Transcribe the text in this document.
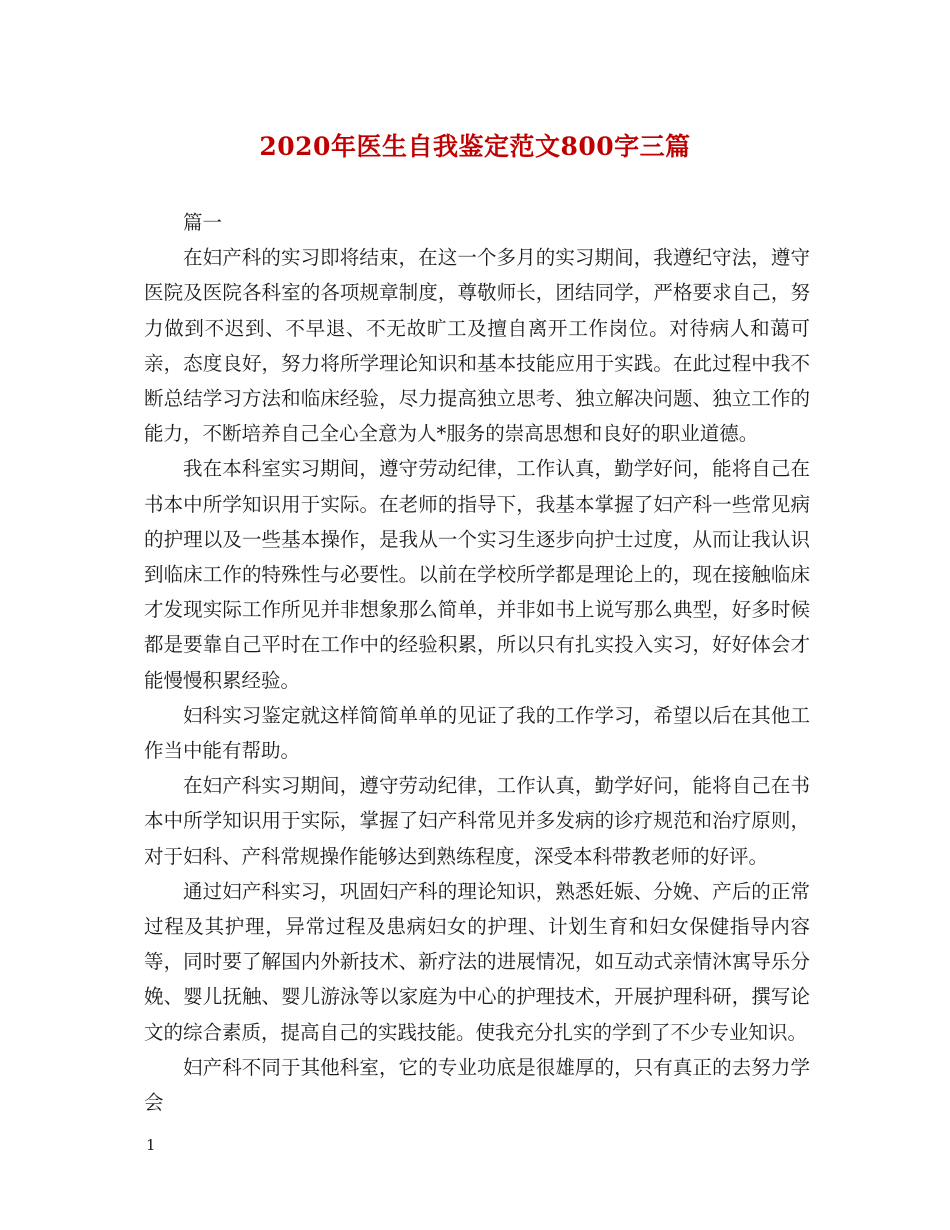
2020年医生自我鉴定范文800字三篇

篇一

在妇产科的实习即将结束，在这一个多月的实习期间，我遵纪守法，遵守医院及医院各科室的各项规章制度，尊敬师长，团结同学，严格要求自己，努力做到不迟到、不早退、不无故旷工及擅自离开工作岗位。对待病人和蔼可亲，态度良好，努力将所学理论知识和基本技能应用于实践。在此过程中我不断总结学习方法和临床经验，尽力提高独立思考、独立解决问题、独立工作的能力，不断培养自己全心全意为人*服务的崇高思想和良好的职业道德。

我在本科室实习期间，遵守劳动纪律，工作认真，勤学好问，能将自己在书本中所学知识用于实际。在老师的指导下，我基本掌握了妇产科一些常见病的护理以及一些基本操作，是我从一个实习生逐步向护士过度，从而让我认识到临床工作的特殊性与必要性。以前在学校所学都是理论上的，现在接触临床才发现实际工作所见并非想象那么简单，并非如书上说写那么典型，好多时候都是要靠自己平时在工作中的经验积累，所以只有扎实投入实习，好好体会才能慢慢积累经验。

妇科实习鉴定就这样简简单单的见证了我的工作学习，希望以后在其他工作当中能有帮助。

在妇产科实习期间，遵守劳动纪律，工作认真，勤学好问，能将自己在书本中所学知识用于实际，掌握了妇产科常见并多发病的诊疗规范和治疗原则，对于妇科、产科常规操作能够达到熟练程度，深受本科带教老师的好评。

通过妇产科实习，巩固妇产科的理论知识，熟悉妊娠、分娩、产后的正常过程及其护理，异常过程及患病妇女的护理、计划生育和妇女保健指导内容等，同时要了解国内外新技术、新疗法的进展情况，如互动式亲情沐寓导乐分娩、婴儿抚触、婴儿游泳等以家庭为中心的护理技术，开展护理科研，撰写论文的综合素质，提高自己的实践技能。使我充分扎实的学到了不少专业知识。

妇产科不同于其他科室，它的专业功底是很雄厚的，只有真正的去努力学会

1
